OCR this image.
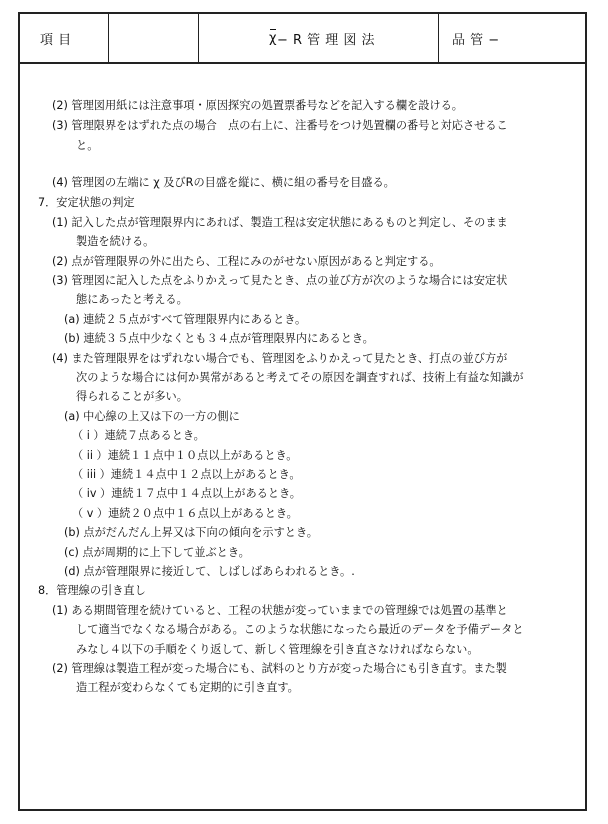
項 目	χ − R 管 理 図 法	品 管 −
(2) 管理図用紙には注意事項・原因探究の処置票番号などを記入する欄を設ける。
(3) 管理限界をはずれた点の場合　点の右上に、注番号をつけ処置欄の番号と対応させるこ
と。
(4) 管理図の左端に χ 及びRの目盛を縦に、横に組の番号を目盛る。
7．安定状態の判定
(1) 記入した点が管理限界内にあれば、製造工程は安定状態にあるものと判定し、そのまま
製造を続ける。
(2) 点が管理限界の外に出たら、工程にみのがせない原因があると判定する。
(3) 管理図に記入した点をふりかえって見たとき、点の並び方が次のような場合には安定状
態にあったと考える。
(a) 連続２５点がすべて管理限界内にあるとき。
(b) 連続３５点中少なくとも３４点が管理限界内にあるとき。
(4) また管理限界をはずれない場合でも、管理図をふりかえって見たとき、打点の並び方が
次のような場合には何か異常があると考えてその原因を調査すれば、技術上有益な知識が
得られることが多い。
(a) 中心線の上又は下の一方の側に
（ i ）連続７点あるとき。
（ ii ）連続１１点中１０点以上があるとき。
（ iii ）連続１４点中１２点以上があるとき。
（ iv ）連続１７点中１４点以上があるとき。
（ v ）連続２０点中１６点以上があるとき。
(b) 点がだんだん上昇又は下向の傾向を示すとき。
(c) 点が周期的に上下して並ぶとき。
(d) 点が管理限界に接近して、しばしばあらわれるとき。.
8．管理線の引き直し
(1) ある期間管理を続けていると、工程の状態が変っていままでの管理線では処置の基準と
して適当でなくなる場合がある。このような状態になったら最近のデータを予備データと
みなし４以下の手順をくり返して、新しく管理線を引き直さなければならない。
(2) 管理線は製造工程が変った場合にも、試料のとり方が変った場合にも引き直す。また製
造工程が変わらなくても定期的に引き直す。
